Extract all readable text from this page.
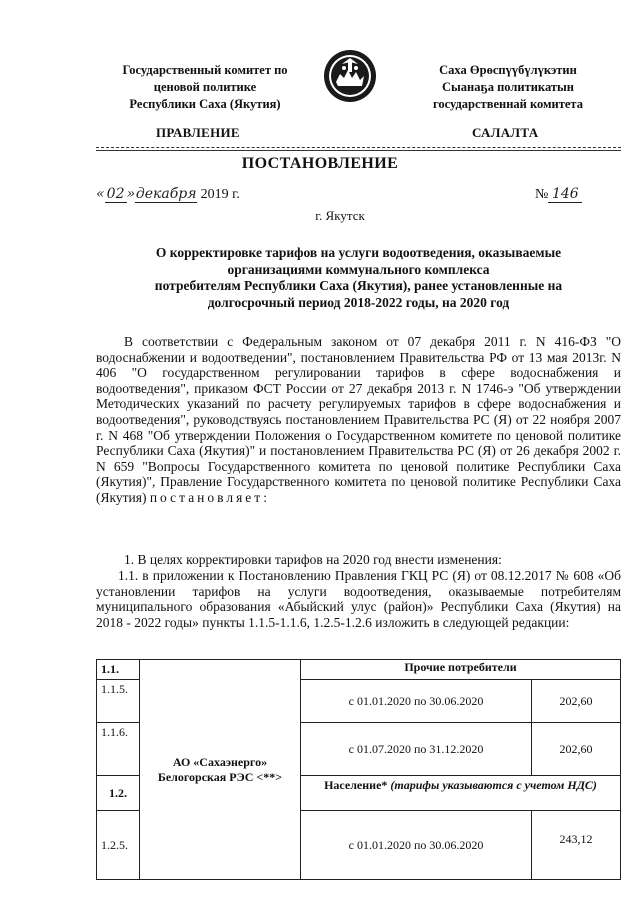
Государственный комитет по
ценовой политике
Республики Саха (Якутия)
Саха Өрөспүүбүлүкэтин
Сыанаҕа политикатын
государственнай комитета
ПРАВЛЕНИЕ	САЛАЛТА
ПОСТАНОВЛЕНИЕ
« 02 »декабря 2019 г.	№ 146
г. Якутск
О корректировке тарифов на услуги водоотведения, оказываемые
организациями коммунального комплекса
потребителям Республики Саха (Якутия), ранее установленные на
долгосрочный период 2018-2022 годы, на 2020 год
В соответствии с Федеральным законом от 07 декабря 2011 г. N 416-ФЗ "О водоснабжении и водоотведении", постановлением Правительства РФ от 13 мая 2013г. N 406 "О государственном регулировании тарифов в сфере водоснабжения и водоотведения", приказом ФСТ России от 27 декабря 2013 г. N 1746-э "Об утверждении Методических указаний по расчету регулируемых тарифов в сфере водоснабжения и водоотведения", руководствуясь постановлением Правительства РС (Я) от 22 ноября 2007 г. N 468 "Об утверждении Положения о Государственном комитете по ценовой политике Республики Саха (Якутия)" и постановлением Правительства РС (Я) от 26 декабря 2002 г. N 659 "Вопросы Государственного комитета по ценовой политике Республики Саха (Якутия)", Правление Государственного комитета по ценовой политике Республики Саха (Якутия) постановляет:
1. В целях корректировки тарифов на 2020 год внести изменения:
1.1. в приложении к Постановлению Правления ГКЦ РС (Я) от 08.12.2017 № 608 «Об установлении тарифов на услуги водоотведения, оказываемые потребителям муниципального образования «Абыйский улус (район)» Республики Саха (Якутия) на 2018 - 2022 годы» пункты 1.1.5-1.1.6, 1.2.5-1.2.6 изложить в следующей редакции:
1.1.	АО «Сахаэнерго» Белогорская РЭС <**>	Прочие потребители	
1.1.5.		с 01.01.2020 по 30.06.2020	202,60
1.1.6.		с 01.07.2020 по 31.12.2020	202,60
1.2.		Население* (тарифы указываются с учетом НДС)	
1.2.5.		с 01.01.2020 по 30.06.2020	243,12
